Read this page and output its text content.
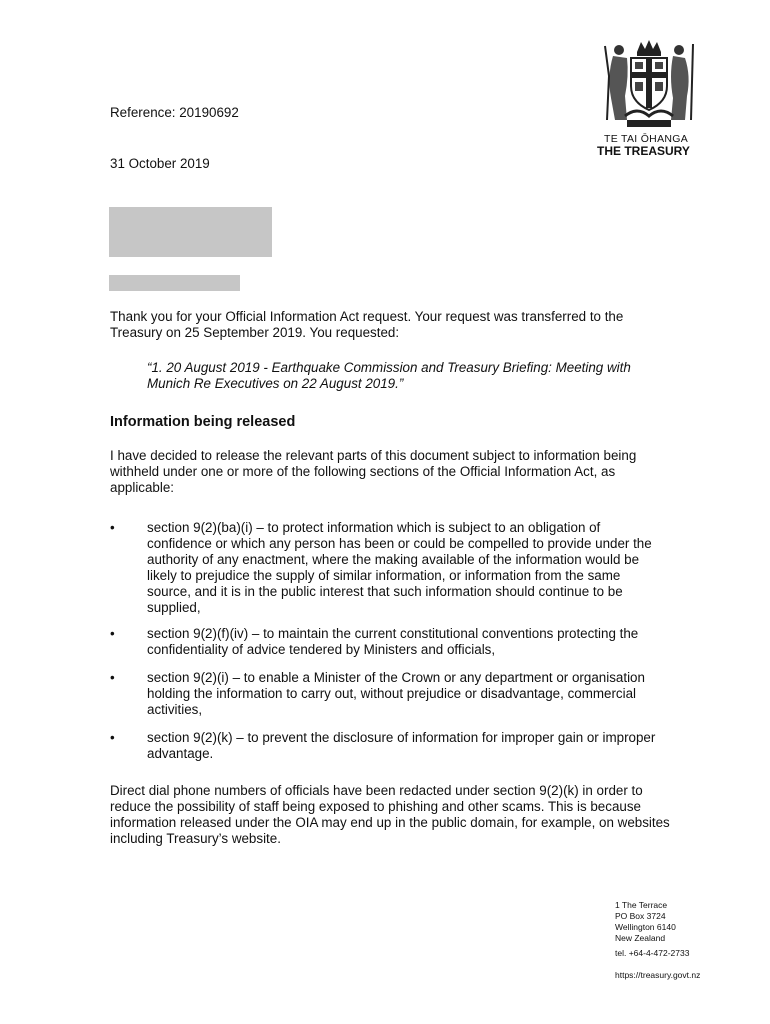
TE TAI ŌHANGA
THE TREASURY
Reference: 20190692
31 October 2019
Thank you for your Official Information Act request. Your request was transferred to the Treasury on 25 September 2019. You requested:
“1. 20 August 2019 - Earthquake Commission and Treasury Briefing: Meeting with Munich Re Executives on 22 August 2019.”
Information being released
I have decided to release the relevant parts of this document subject to information being withheld under one or more of the following sections of the Official Information Act, as applicable:
• section 9(2)(ba)(i) – to protect information which is subject to an obligation of confidence or which any person has been or could be compelled to provide under the authority of any enactment, where the making available of the information would be likely to prejudice the supply of similar information, or information from the same source, and it is in the public interest that such information should continue to be supplied,
• section 9(2)(f)(iv) – to maintain the current constitutional conventions protecting the confidentiality of advice tendered by Ministers and officials,
• section 9(2)(i) – to enable a Minister of the Crown or any department or organisation holding the information to carry out, without prejudice or disadvantage, commercial activities,
• section 9(2)(k) – to prevent the disclosure of information for improper gain or improper advantage.
Direct dial phone numbers of officials have been redacted under section 9(2)(k) in order to reduce the possibility of staff being exposed to phishing and other scams. This is because information released under the OIA may end up in the public domain, for example, on websites including Treasury’s website.
1 The Terrace
PO Box 3724
Wellington 6140
New Zealand
tel. +64-4-472-2733
https://treasury.govt.nz
